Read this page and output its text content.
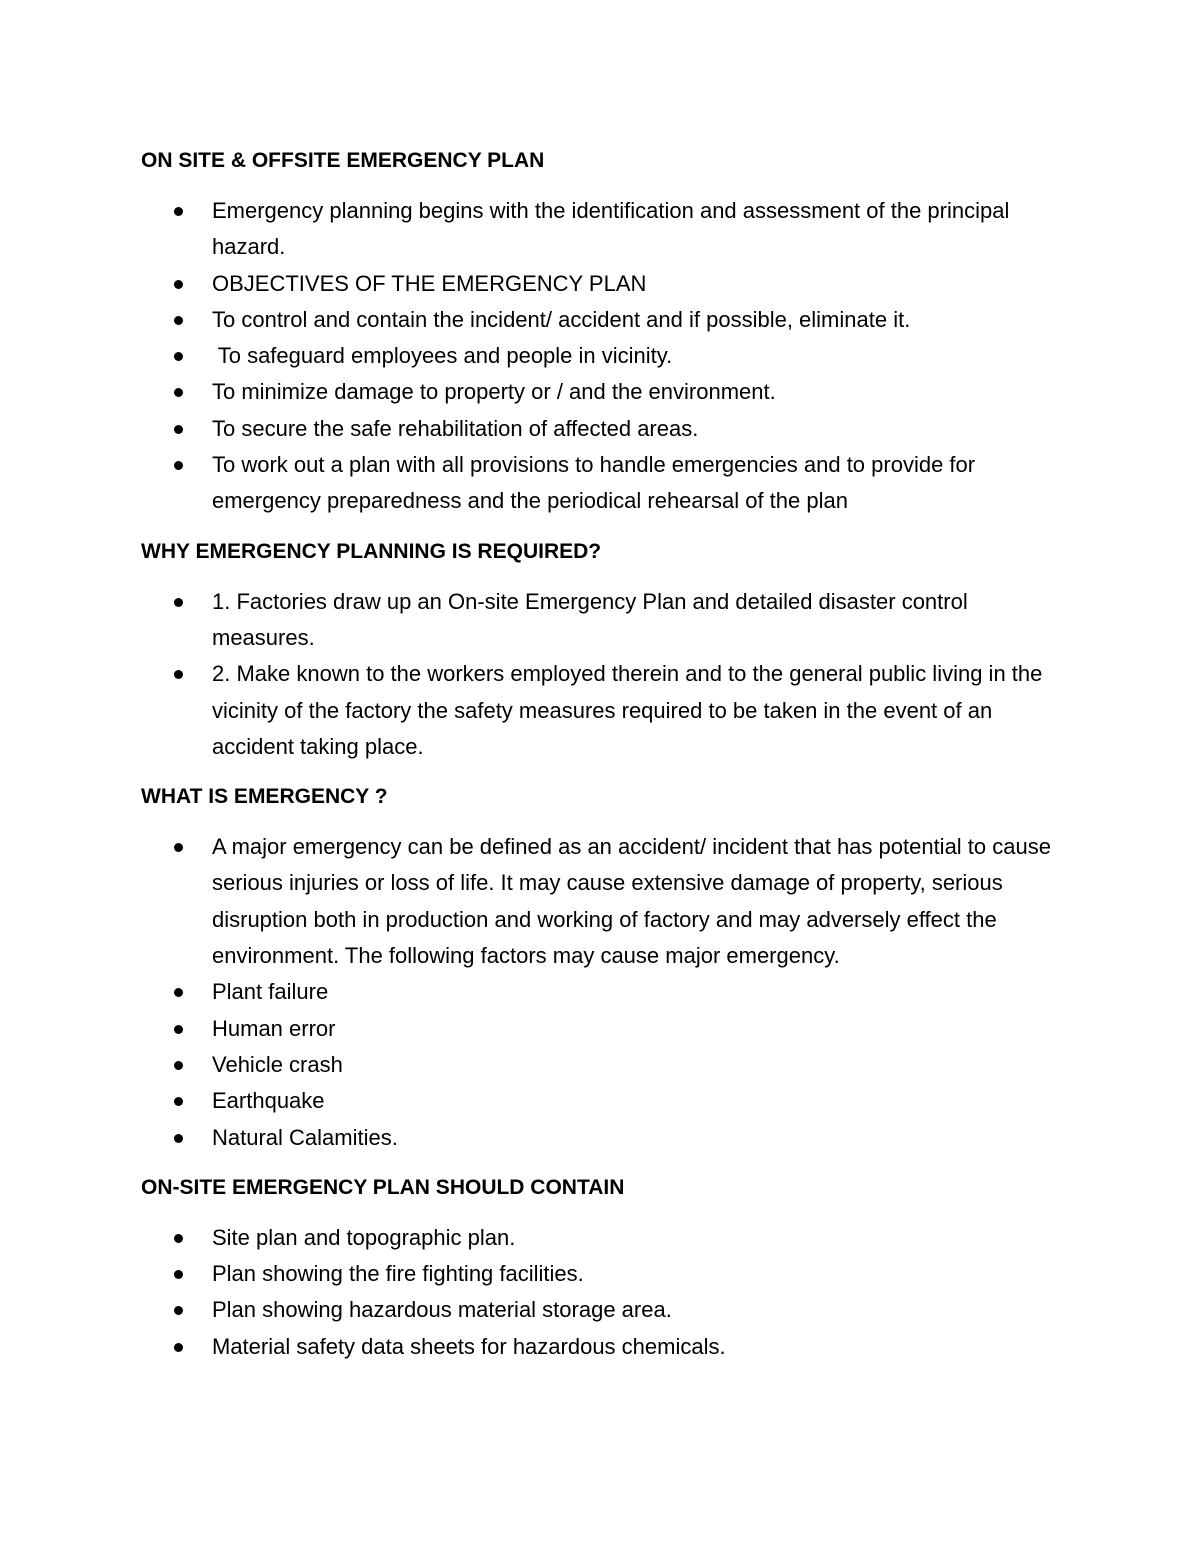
ON SITE & OFFSITE EMERGENCY PLAN
Emergency planning begins with the identification and assessment of the principal hazard.
OBJECTIVES OF THE EMERGENCY PLAN
To control and contain the incident/ accident and if possible, eliminate it.
To safeguard employees and people in vicinity.
To minimize damage to property or / and the environment.
To secure the safe rehabilitation of affected areas.
To work out a plan with all provisions to handle emergencies and to provide for emergency preparedness and the periodical rehearsal of the plan
WHY EMERGENCY PLANNING IS REQUIRED?
1. Factories draw up an On-site Emergency Plan and detailed disaster control measures.
2. Make known to the workers employed therein and to the general public living in the vicinity of the factory the safety measures required to be taken in the event of an accident taking place.
WHAT IS EMERGENCY ?
A major emergency can be defined as an accident/ incident that has potential to cause serious injuries or loss of life. It may cause extensive damage of property, serious disruption both in production and working of factory and may adversely effect the environment. The following factors may cause major emergency.
Plant failure
Human error
Vehicle crash
Earthquake
Natural Calamities.
ON-SITE EMERGENCY PLAN SHOULD CONTAIN
Site plan and topographic plan.
Plan showing the fire fighting facilities.
Plan showing hazardous material storage area.
Material safety data sheets for hazardous chemicals.
